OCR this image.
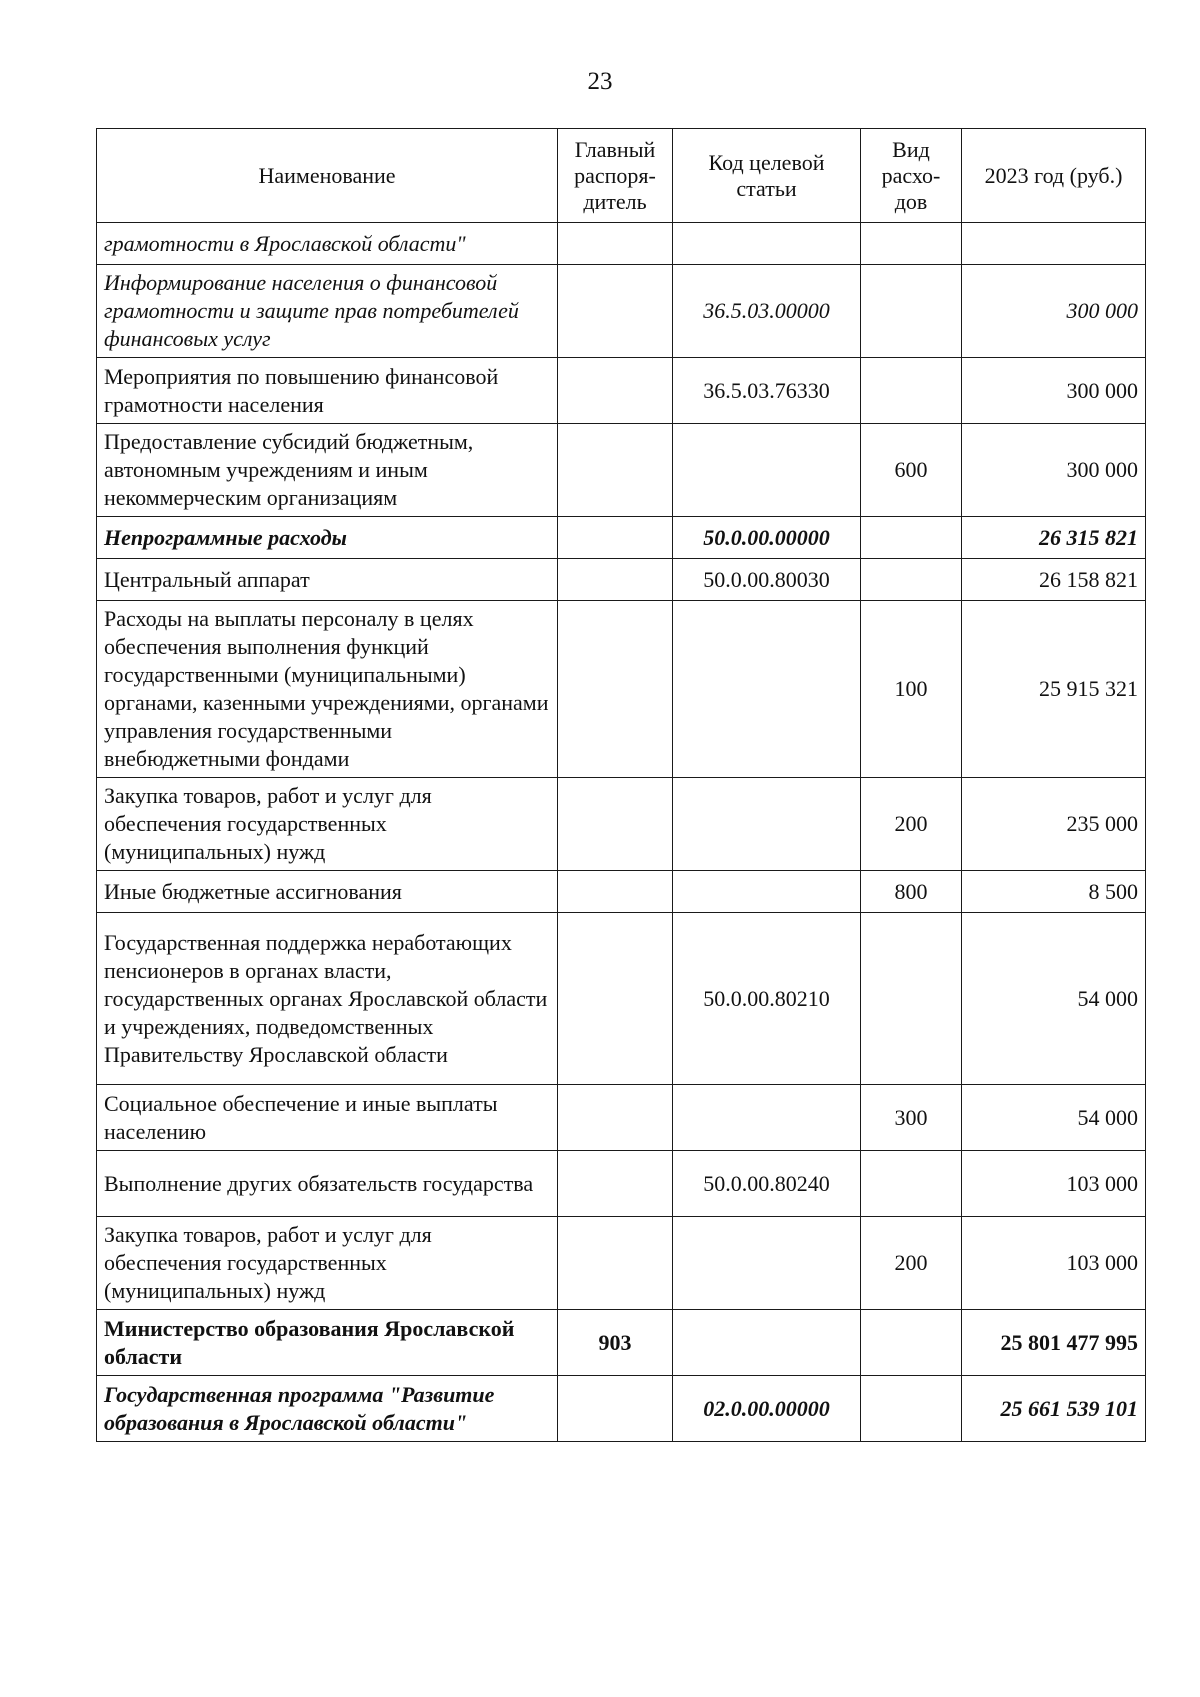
23
Наименование	Главный распоря-дитель	Код целевой статьи	Вид расхо-дов	2023 год (руб.)
грамотности в Ярославской области"				
Информирование населения о финансовой грамотности и защите прав потребителей финансовых услуг		36.5.03.00000		300 000
Мероприятия по повышению финансовой грамотности населения		36.5.03.76330		300 000
Предоставление субсидий бюджетным, автономным учреждениям и иным некоммерческим организациям			600	300 000
Непрограммные расходы		50.0.00.00000		26 315 821
Центральный аппарат		50.0.00.80030		26 158 821
Расходы на выплаты персоналу в целях обеспечения выполнения функций государственными (муниципальными) органами, казенными учреждениями, органами управления государственными внебюджетными фондами			100	25 915 321
Закупка товаров, работ и услуг для обеспечения государственных (муниципальных) нужд			200	235 000
Иные бюджетные ассигнования			800	8 500
Государственная поддержка неработающих пенсионеров в органах власти, государственных органах Ярославской области и учреждениях, подведомственных Правительству Ярославской области		50.0.00.80210		54 000
Социальное обеспечение и иные выплаты населению			300	54 000
Выполнение других обязательств государства		50.0.00.80240		103 000
Закупка товаров, работ и услуг для обеспечения государственных (муниципальных) нужд			200	103 000
Министерство образования Ярославской области	903			25 801 477 995
Государственная программа "Развитие образования в Ярославской области"		02.0.00.00000		25 661 539 101
